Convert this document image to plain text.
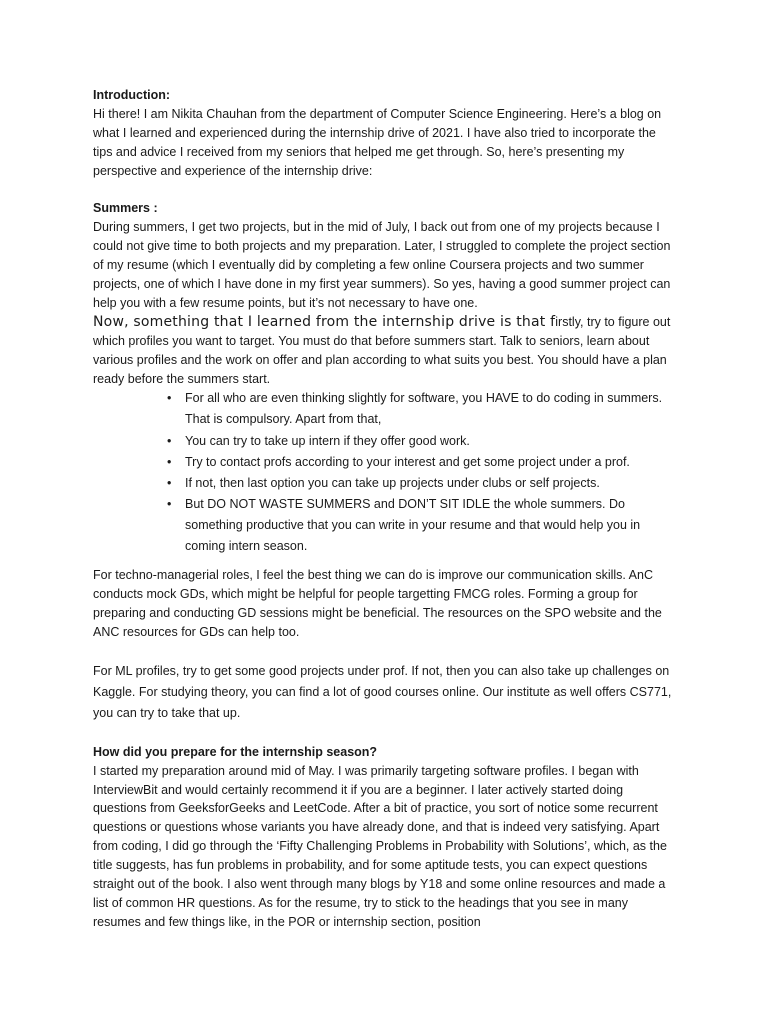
Introduction:

Hi there! I am Nikita Chauhan from the department of Computer Science Engineering. Here’s a blog on what I learned and experienced during the internship drive of 2021. I have also tried to incorporate the tips and advice I received from my seniors that helped me get through. So, here’s presenting my perspective and experience of the internship drive:

Summers :

During summers, I get two projects, but in the mid of July, I back out from one of my projects because I could not give time to both projects and my preparation. Later, I struggled to complete the project section of my resume (which I eventually did by completing a few online Coursera projects and two summer projects, one of which I have done in my first year summers). So yes, having a good summer project can help you with a few resume points, but it’s not necessary to have one.

Now, something that I learned from the internship drive is that firstly, try to figure out which profiles you want to target. You must do that before summers start. Talk to seniors, learn about various profiles and the work on offer and plan according to what suits you best. You should have a plan ready before the summers start.

• For all who are even thinking slightly for software, you HAVE to do coding in summers. That is compulsory. Apart from that,
• You can try to take up intern if they offer good work.
• Try to contact profs according to your interest and get some project under a prof.
• If not, then last option you can take up projects under clubs or self projects.
• But DO NOT WASTE SUMMERS and DON’T SIT IDLE the whole summers. Do something productive that you can write in your resume and that would help you in coming intern season.

For techno-managerial roles, I feel the best thing we can do is improve our communication skills. AnC conducts mock GDs, which might be helpful for people targetting FMCG roles. Forming a group for preparing and conducting GD sessions might be beneficial. The resources on the SPO website and the ANC resources for GDs can help too.

For ML profiles, try to get some good projects under prof. If not, then you can also take up challenges on Kaggle. For studying theory, you can find a lot of good courses online. Our institute as well offers CS771, you can try to take that up.

How did you prepare for the internship season?

I started my preparation around mid of May. I was primarily targeting software profiles. I began with InterviewBit and would certainly recommend it if you are a beginner. I later actively started doing questions from GeeksforGeeks and LeetCode. After a bit of practice, you sort of notice some recurrent questions or questions whose variants you have already done, and that is indeed very satisfying. Apart from coding, I did go through the ‘Fifty Challenging Problems in Probability with Solutions’, which, as the title suggests, has fun problems in probability, and for some aptitude tests, you can expect questions straight out of the book. I also went through many blogs by Y18 and some online resources and made a list of common HR questions. As for the resume, try to stick to the headings that you see in many resumes and few things like, in the POR or internship section, position
